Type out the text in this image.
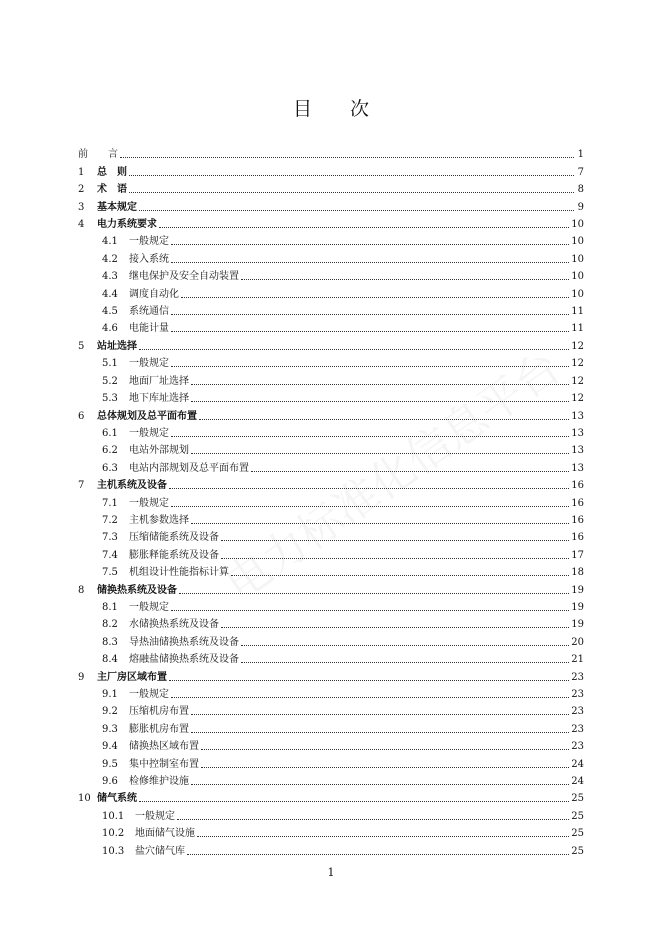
目　　次
电力标准化信息平台
前　　言	1
1	总　则	7
2	术　语	8
3	基本规定	9
4	电力系统要求	10
4.1	一般规定	10
4.2	接入系统	10
4.3	继电保护及安全自动装置	10
4.4	调度自动化	10
4.5	系统通信	11
4.6	电能计量	11
5	站址选择	12
5.1	一般规定	12
5.2	地面厂址选择	12
5.3	地下库址选择	12
6	总体规划及总平面布置	13
6.1	一般规定	13
6.2	电站外部规划	13
6.3	电站内部规划及总平面布置	13
7	主机系统及设备	16
7.1	一般规定	16
7.2	主机参数选择	16
7.3	压缩储能系统及设备	16
7.4	膨胀释能系统及设备	17
7.5	机组设计性能指标计算	18
8	储换热系统及设备	19
8.1	一般规定	19
8.2	水储换热系统及设备	19
8.3	导热油储换热系统及设备	20
8.4	熔融盐储换热系统及设备	21
9	主厂房区域布置	23
9.1	一般规定	23
9.2	压缩机房布置	23
9.3	膨胀机房布置	23
9.4	储换热区域布置	23
9.5	集中控制室布置	24
9.6	检修维护设施	24
10 储气系统	25
10.1	一般规定	25
10.2	地面储气设施	25
10.3	盐穴储气库	25
1
